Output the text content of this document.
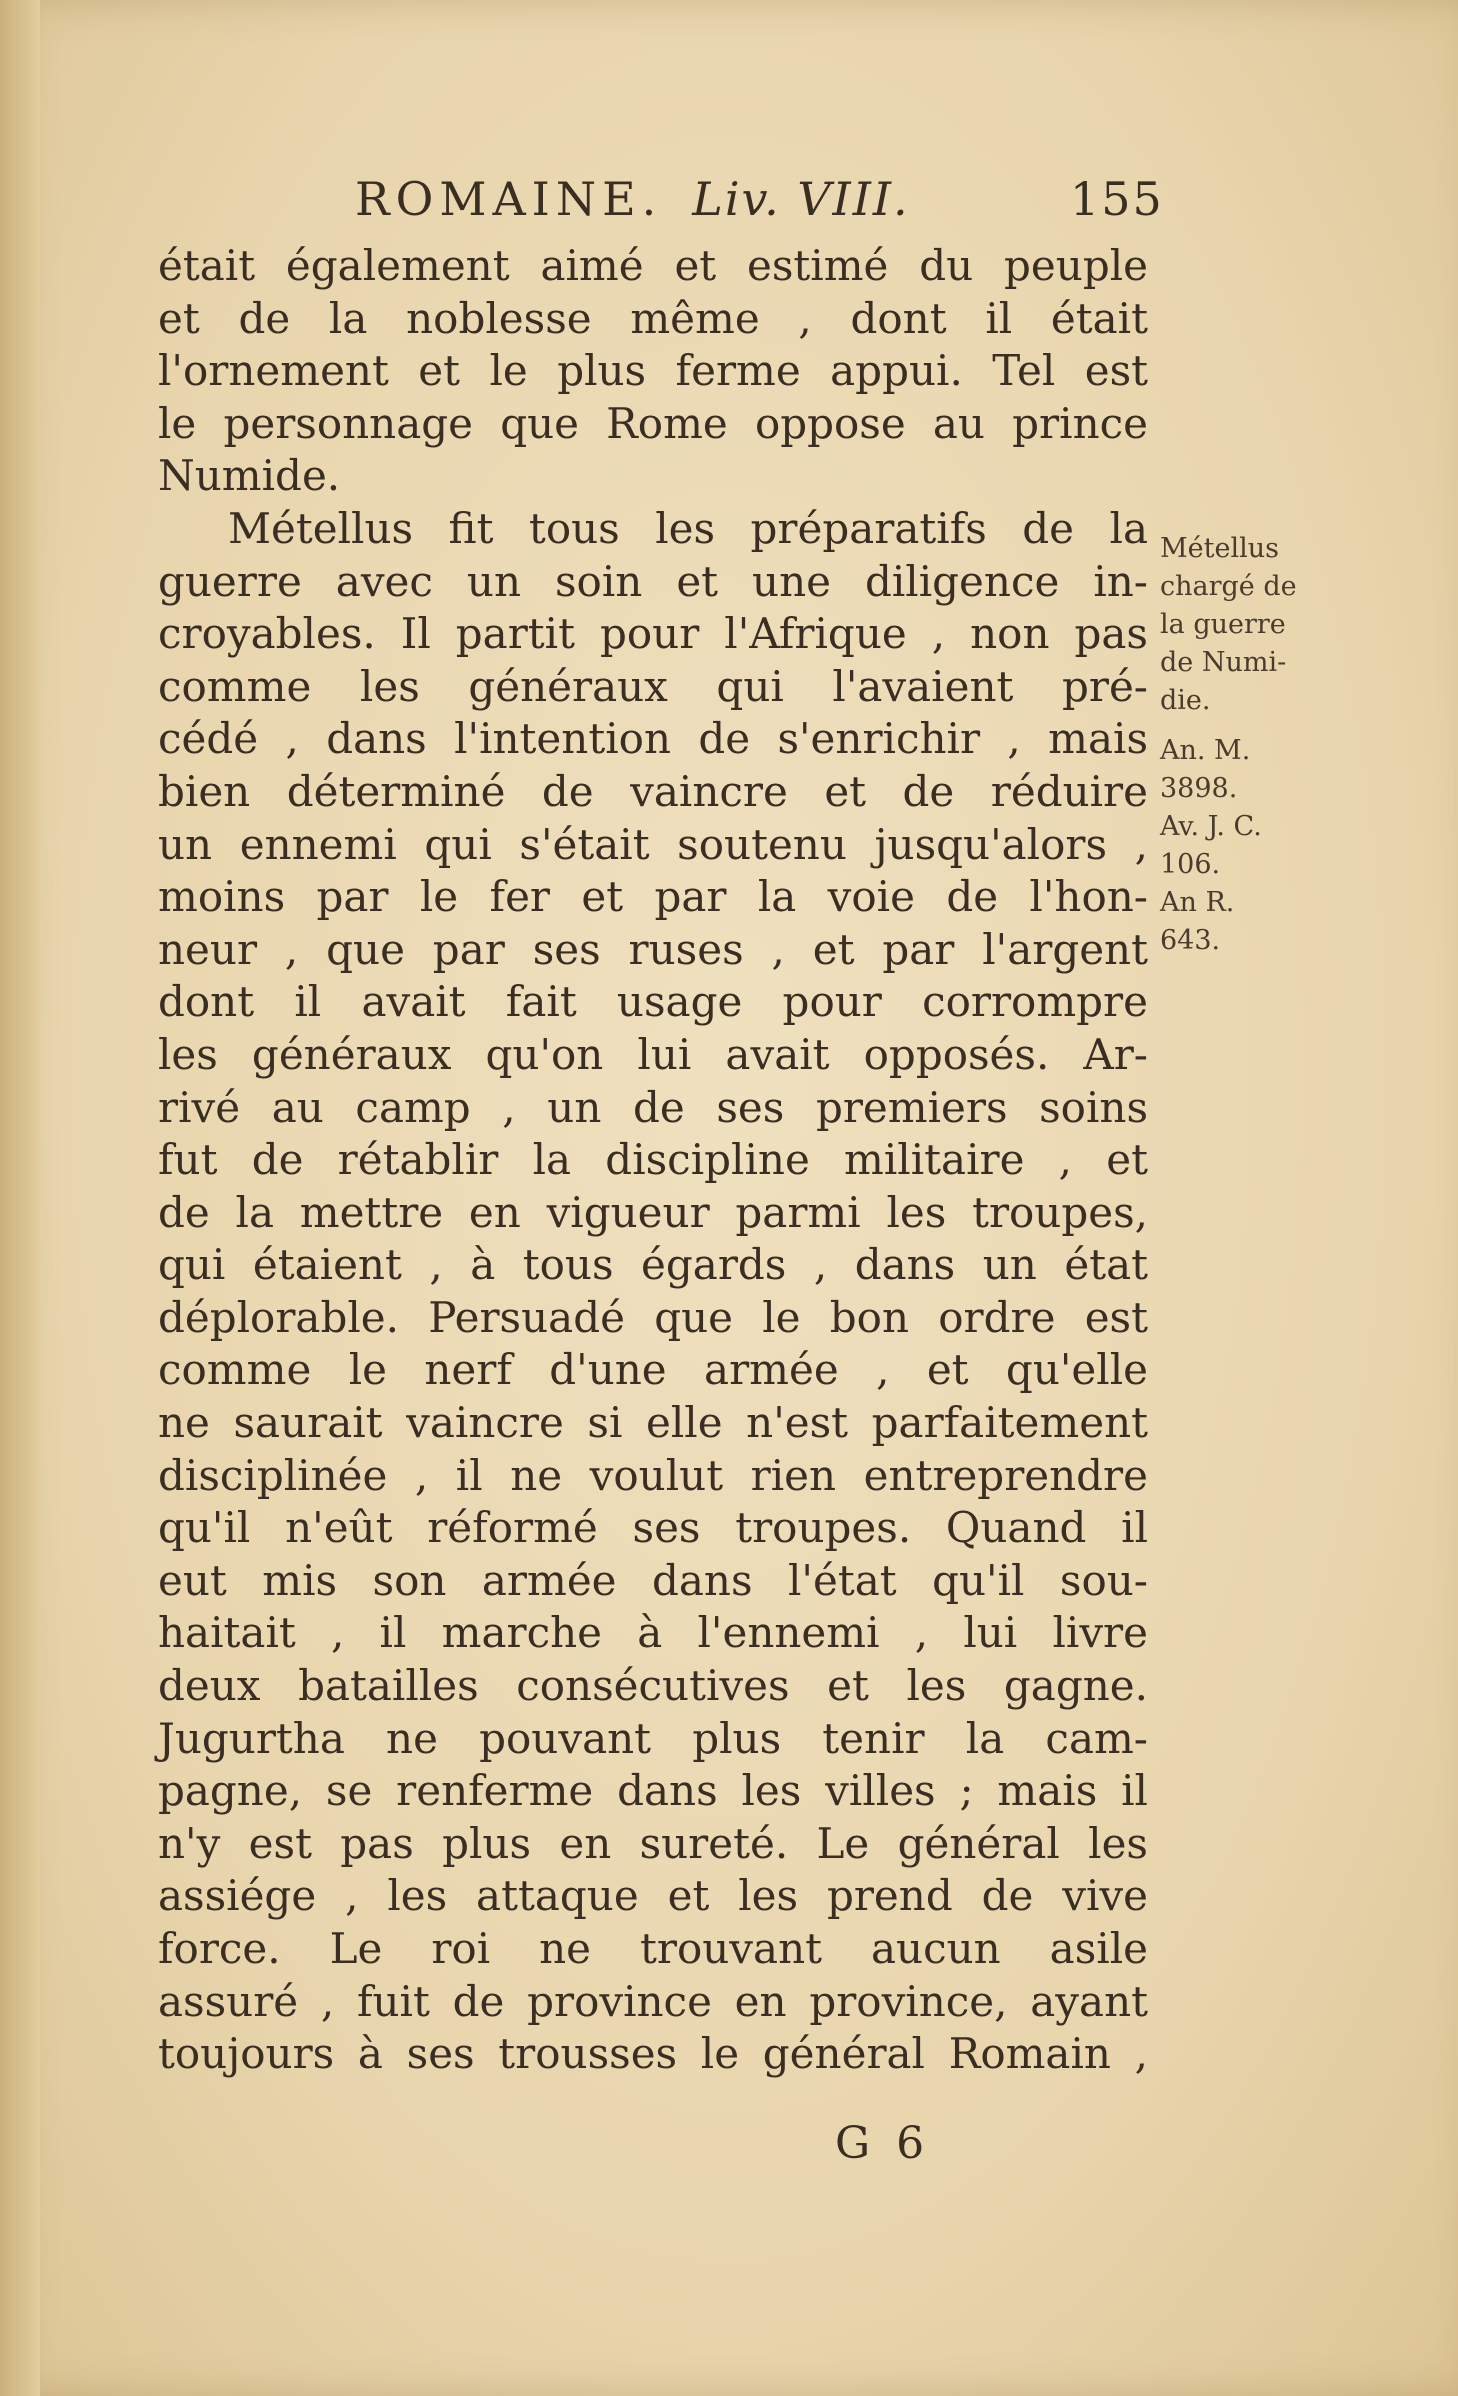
ROMAINE. Liv. VIII.	155
était également aimé et estimé du peuple
et de la noblesse même , dont il était
l'ornement et le plus ferme appui. Tel est
le personnage que Rome oppose au prince
Numide.
Métellus fit tous les préparatifs de la
guerre avec un soin et une diligence in-
croyables. Il partit pour l'Afrique , non pas
comme les généraux qui l'avaient pré-
cédé , dans l'intention de s'enrichir , mais
bien déterminé de vaincre et de réduire
un ennemi qui s'était soutenu jusqu'alors ,
moins par le fer et par la voie de l'hon-
neur , que par ses ruses , et par l'argent
dont il avait fait usage pour corrompre
les généraux qu'on lui avait opposés. Ar-
rivé au camp , un de ses premiers soins
fut de rétablir la discipline militaire , et
de la mettre en vigueur parmi les troupes,
qui étaient , à tous égards , dans un état
déplorable. Persuadé que le bon ordre est
comme le nerf d'une armée , et qu'elle
ne saurait vaincre si elle n'est parfaitement
disciplinée , il ne voulut rien entreprendre
qu'il n'eût réformé ses troupes. Quand il
eut mis son armée dans l'état qu'il sou-
haitait , il marche à l'ennemi , lui livre
deux batailles consécutives et les gagne.
Jugurtha ne pouvant plus tenir la cam-
pagne, se renferme dans les villes ; mais il
n'y est pas plus en sureté. Le général les
assiége , les attaque et les prend de vive
force. Le roi ne trouvant aucun asile
assuré , fuit de province en province, ayant
toujours à ses trousses le général Romain ,
Métellus
chargé de
la guerre
de Numi-
die.
An. M.
3898.
Av. J. C.
106.
An R.
643.
G 6
